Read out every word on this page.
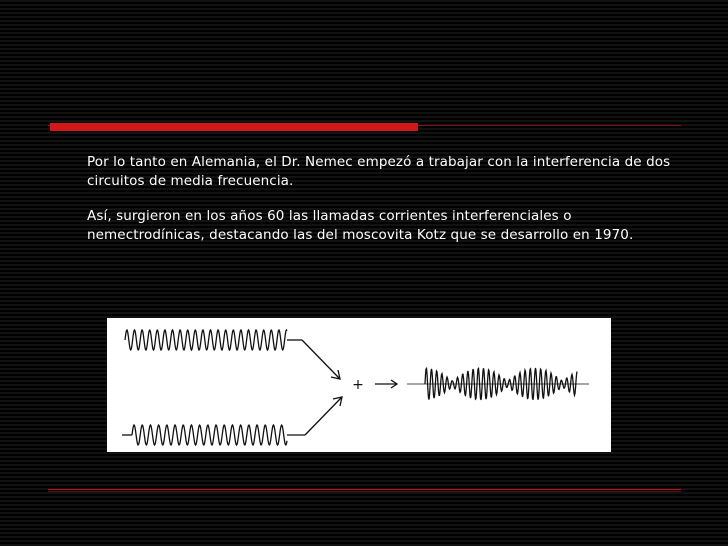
Por lo tanto en Alemania, el Dr. Nemec empezó a trabajar con la interferencia de dos circuitos de media frecuencia.

Así, surgieron en los años 60 las llamadas corrientes interferenciales o nemectrodínicas, destacando las del moscovita Kotz que se desarrollo en 1970.

+
